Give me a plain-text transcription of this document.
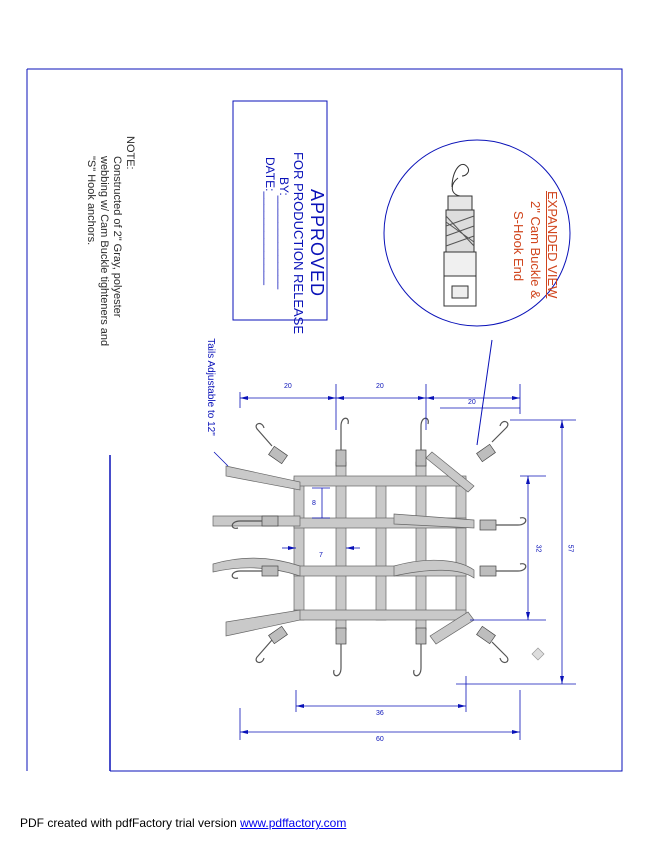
APPROVED
FOR PRODUCTION RELEASE
BY:______________
DATE:______________
NOTE:
Constructed of 2" Gray, polyester
webbing w/ Cam Buckle tighteners and
"S" Hook anchors.	EXPANDED VIEW
2" Cam Buckle &
S-Hook End
Tails Adjustable to 12"	20	20
20
8
7
32	57
36
60
PDF created with pdfFactory trial version www.pdffactory.com
